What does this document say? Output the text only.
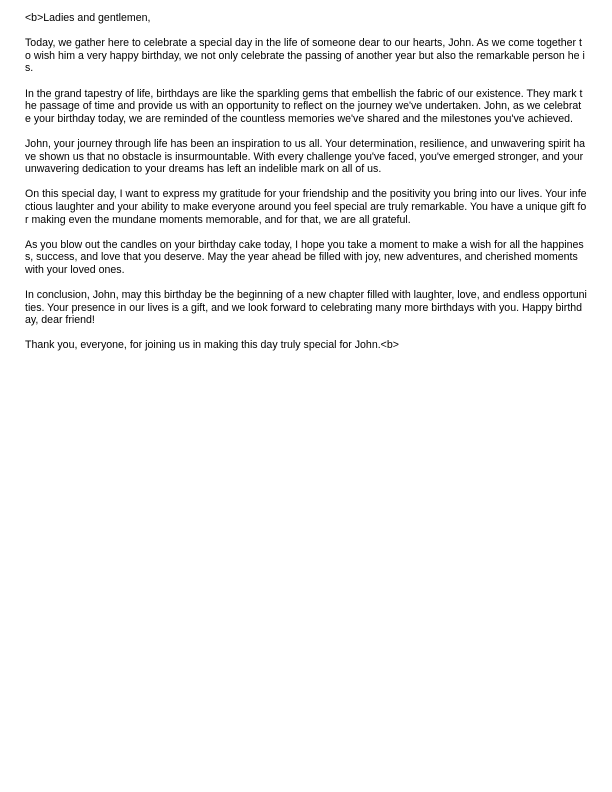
<b>Ladies and gentlemen,

Today, we gather here to celebrate a special day in the life of someone dear to our hearts, John. As we come together to wish him a very happy birthday, we not only celebrate the passing of another year but also the remarkable person he is.

In the grand tapestry of life, birthdays are like the sparkling gems that embellish the fabric of our existence. They mark the passage of time and provide us with an opportunity to reflect on the journey we've undertaken. John, as we celebrate your birthday today, we are reminded of the countless memories we've shared and the milestones you've achieved.

John, your journey through life has been an inspiration to us all. Your determination, resilience, and unwavering spirit have shown us that no obstacle is insurmountable. With every challenge you've faced, you've emerged stronger, and your unwavering dedication to your dreams has left an indelible mark on all of us.

On this special day, I want to express my gratitude for your friendship and the positivity you bring into our lives. Your infectious laughter and your ability to make everyone around you feel special are truly remarkable. You have a unique gift for making even the mundane moments memorable, and for that, we are all grateful.

As you blow out the candles on your birthday cake today, I hope you take a moment to make a wish for all the happiness, success, and love that you deserve. May the year ahead be filled with joy, new adventures, and cherished moments with your loved ones.

In conclusion, John, may this birthday be the beginning of a new chapter filled with laughter, love, and endless opportunities. Your presence in our lives is a gift, and we look forward to celebrating many more birthdays with you. Happy birthday, dear friend!

Thank you, everyone, for joining us in making this day truly special for John.<b>
